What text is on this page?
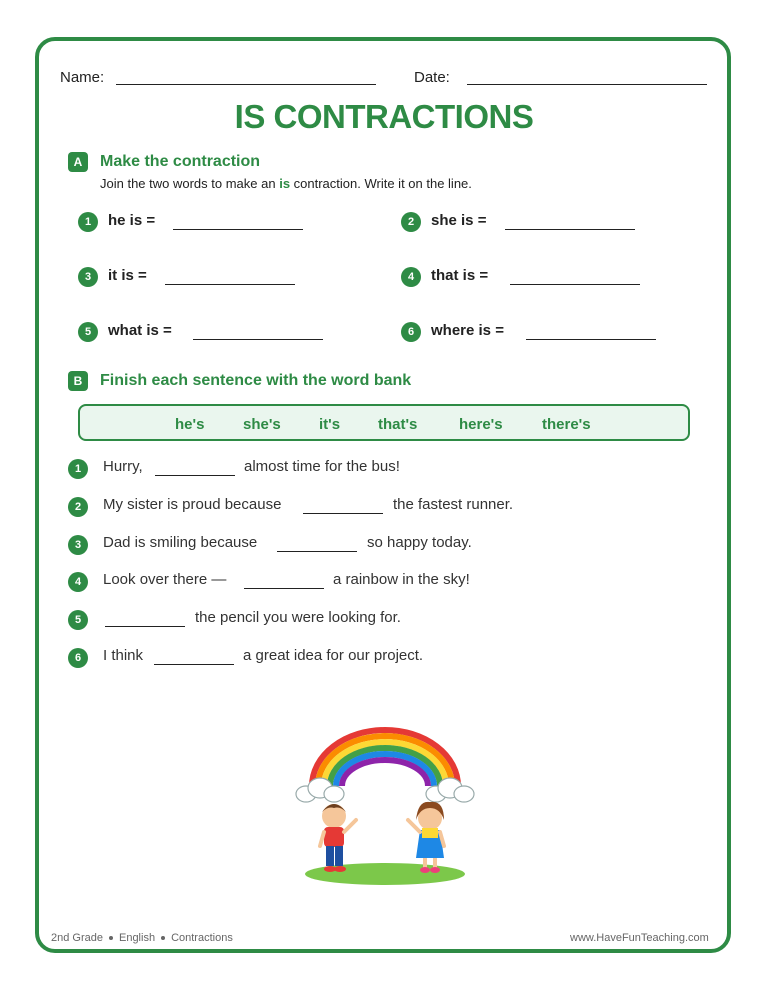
Name:	Date:
IS CONTRACTIONS
A	Make the contraction
Join the two words to make an is contraction. Write it on the line.
1	he is =	2	she is =
3	it is =	4	that is =
5	what is =	6	where is =
B	Finish each sentence with the word bank
he's	she's	it's	that's	here's	there's
1	Hurry,	almost time for the bus!
2	My sister is proud because	the fastest runner.
3	Dad is smiling because	so happy today.
4	Look over there —	a rainbow in the sky!
5	the pencil you were looking for.
6	I think	a great idea for our project.
2nd Grade English Contractions	www.HaveFunTeaching.com
